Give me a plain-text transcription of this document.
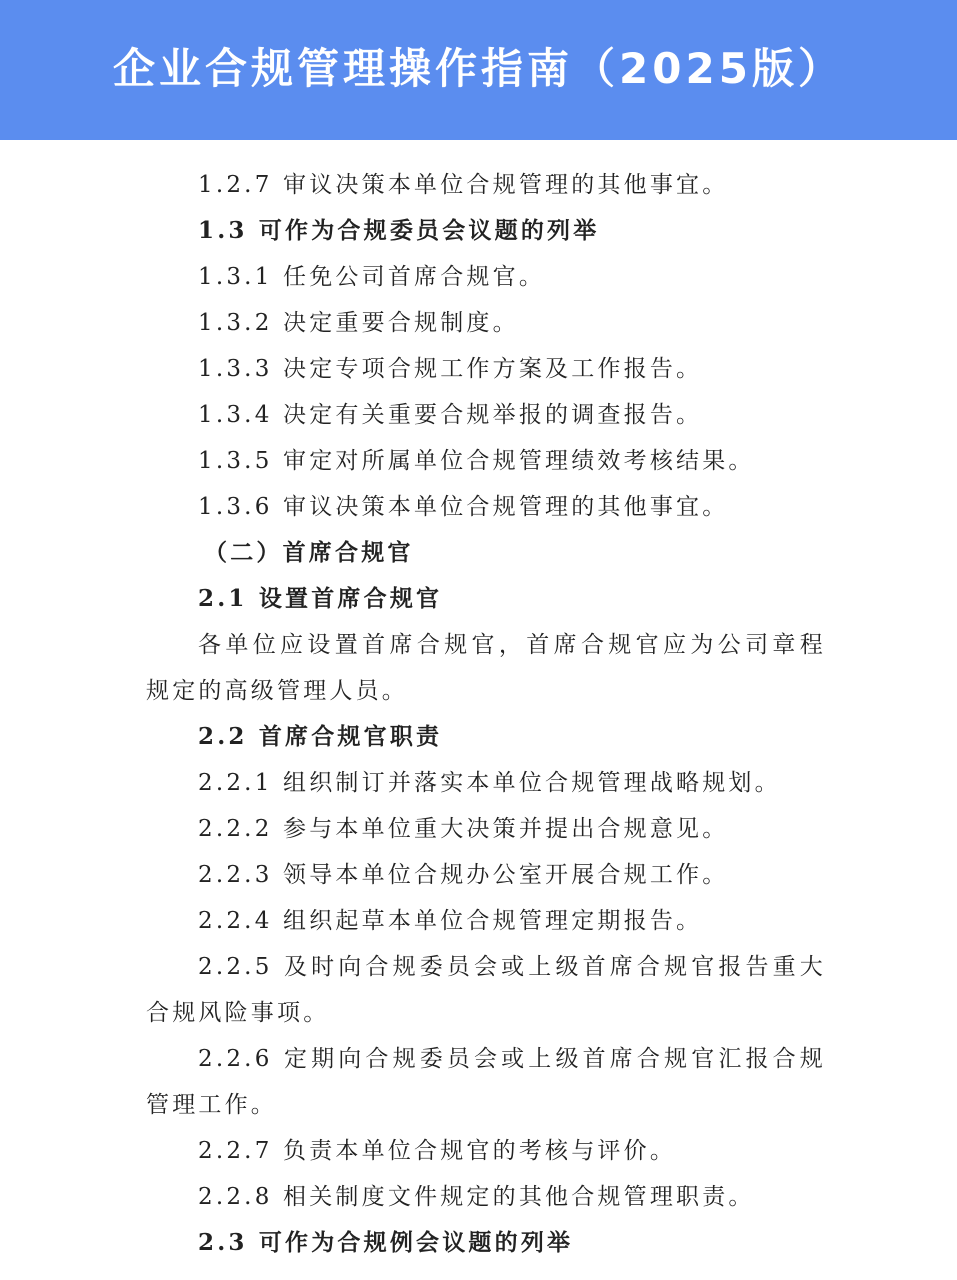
企业合规管理操作指南（2025版）

1.2.7 审议决策本单位合规管理的其他事宜。

1.3 可作为合规委员会议题的列举

1.3.1 任免公司首席合规官。

1.3.2 决定重要合规制度。

1.3.3 决定专项合规工作方案及工作报告。

1.3.4 决定有关重要合规举报的调查报告。

1.3.5 审定对所属单位合规管理绩效考核结果。

1.3.6 审议决策本单位合规管理的其他事宜。

（二）首席合规官

2.1 设置首席合规官

各单位应设置首席合规官，首席合规官应为公司章程规定的高级管理人员。

2.2 首席合规官职责

2.2.1 组织制订并落实本单位合规管理战略规划。

2.2.2 参与本单位重大决策并提出合规意见。

2.2.3 领导本单位合规办公室开展合规工作。

2.2.4 组织起草本单位合规管理定期报告。

2.2.5 及时向合规委员会或上级首席合规官报告重大合规风险事项。

2.2.6 定期向合规委员会或上级首席合规官汇报合规管理工作。

2.2.7 负责本单位合规官的考核与评价。

2.2.8 相关制度文件规定的其他合规管理职责。

2.3 可作为合规例会议题的列举
